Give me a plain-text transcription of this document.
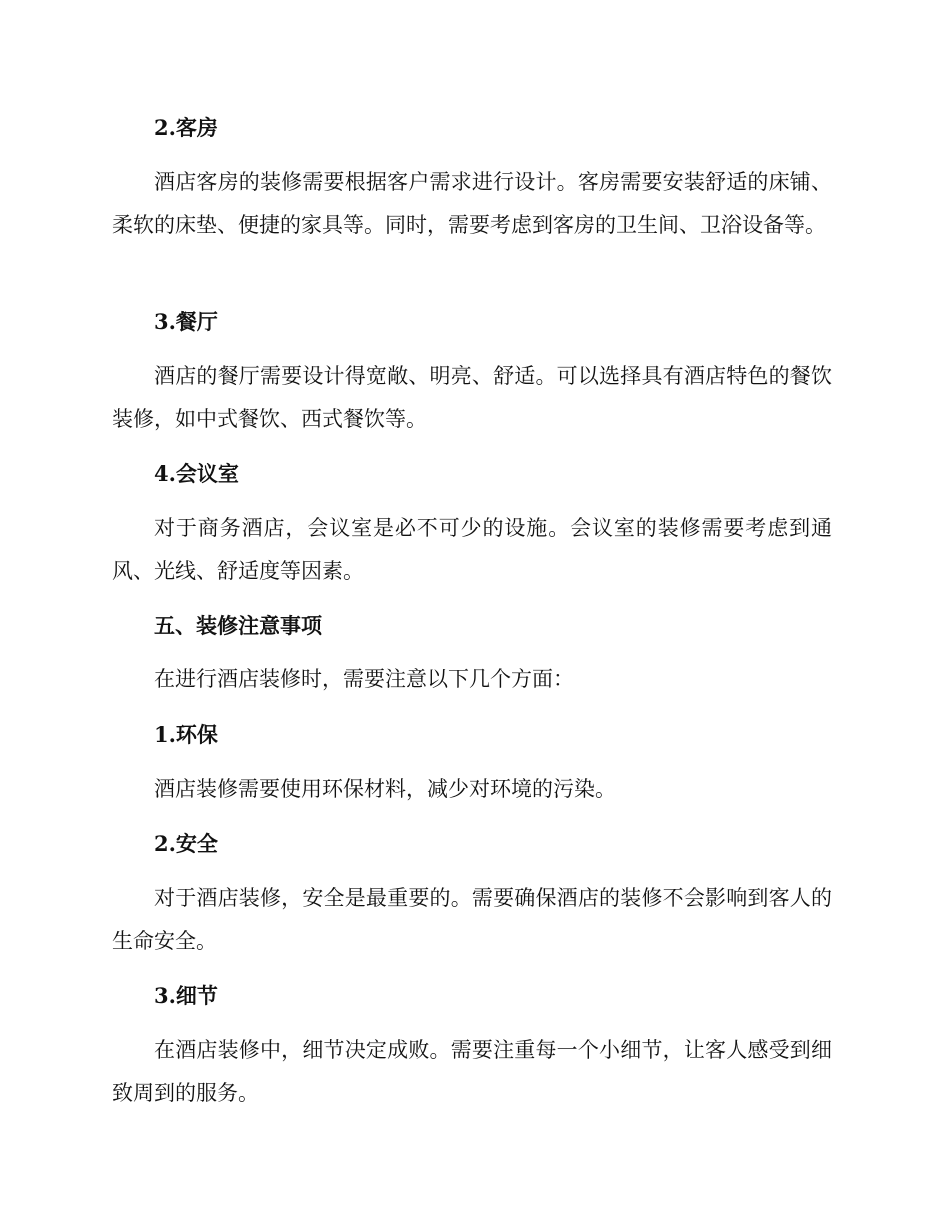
2.客房

酒店客房的装修需要根据客户需求进行设计。客房需要安装舒适的床铺、柔软的床垫、便捷的家具等。同时，需要考虑到客房的卫生间、卫浴设备等。

3.餐厅

酒店的餐厅需要设计得宽敞、明亮、舒适。可以选择具有酒店特色的餐饮装修，如中式餐饮、西式餐饮等。

4.会议室

对于商务酒店，会议室是必不可少的设施。会议室的装修需要考虑到通风、光线、舒适度等因素。

五、装修注意事项

在进行酒店装修时，需要注意以下几个方面：

1.环保

酒店装修需要使用环保材料，减少对环境的污染。

2.安全

对于酒店装修，安全是最重要的。需要确保酒店的装修不会影响到客人的生命安全。

3.细节

在酒店装修中，细节决定成败。需要注重每一个小细节，让客人感受到细致周到的服务。
